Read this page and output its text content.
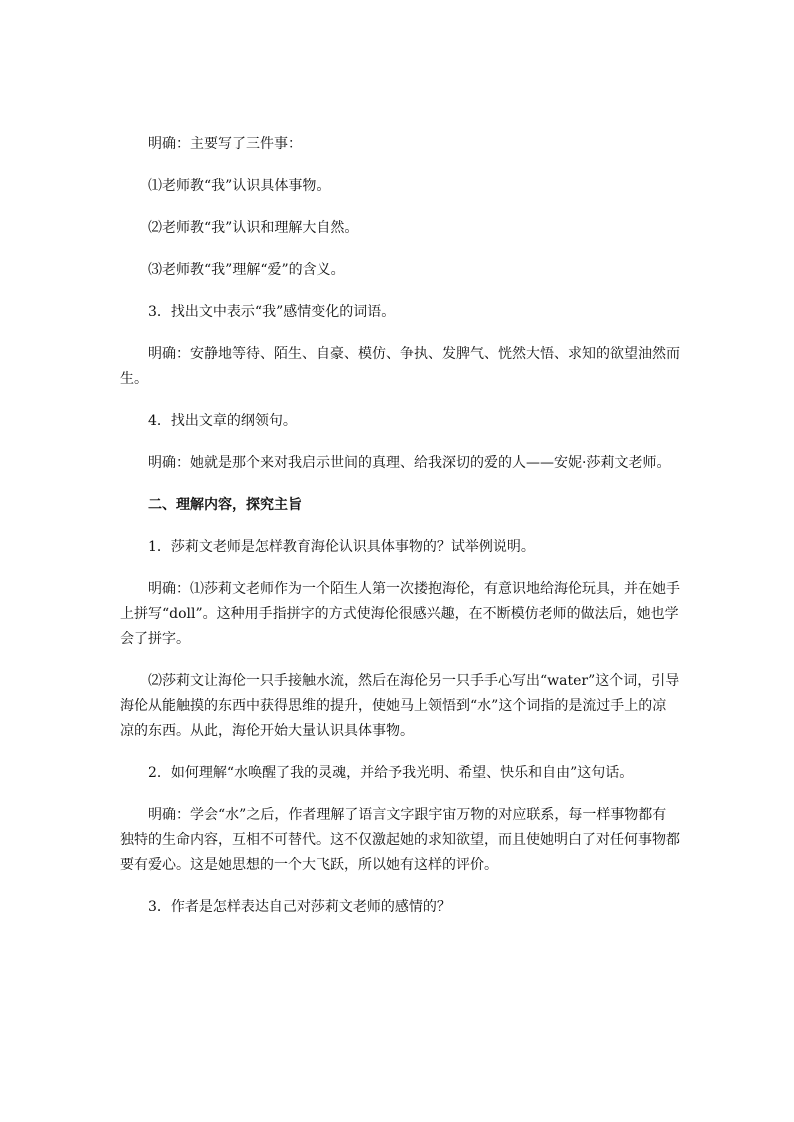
明确：主要写了三件事：

⑴老师教“我”认识具体事物。

⑵老师教“我”认识和理解大自然。

⑶老师教“我”理解“爱”的含义。

3．找出文中表示“我”感情变化的词语。

明确：安静地等待、陌生、自豪、模仿、争执、发脾气、恍然大悟、求知的欲望油然而生。

4．找出文章的纲领句。

明确：她就是那个来对我启示世间的真理、给我深切的爱的人——安妮·莎莉文老师。

二、理解内容，探究主旨

1．莎莉文老师是怎样教育海伦认识具体事物的？试举例说明。

明确：⑴莎莉文老师作为一个陌生人第一次搂抱海伦，有意识地给海伦玩具，并在她手上拼写“doll”。这种用手指拼字的方式使海伦很感兴趣，在不断模仿老师的做法后，她也学会了拼字。

⑵莎莉文让海伦一只手接触水流，然后在海伦另一只手手心写出“water”这个词，引导海伦从能触摸的东西中获得思维的提升，使她马上领悟到“水”这个词指的是流过手上的凉凉的东西。从此，海伦开始大量认识具体事物。

2．如何理解“水唤醒了我的灵魂，并给予我光明、希望、快乐和自由”这句话。

明确：学会“水”之后，作者理解了语言文字跟宇宙万物的对应联系，每一样事物都有独特的生命内容，互相不可替代。这不仅激起她的求知欲望，而且使她明白了对任何事物都要有爱心。这是她思想的一个大飞跃，所以她有这样的评价。

3．作者是怎样表达自己对莎莉文老师的感情的？
